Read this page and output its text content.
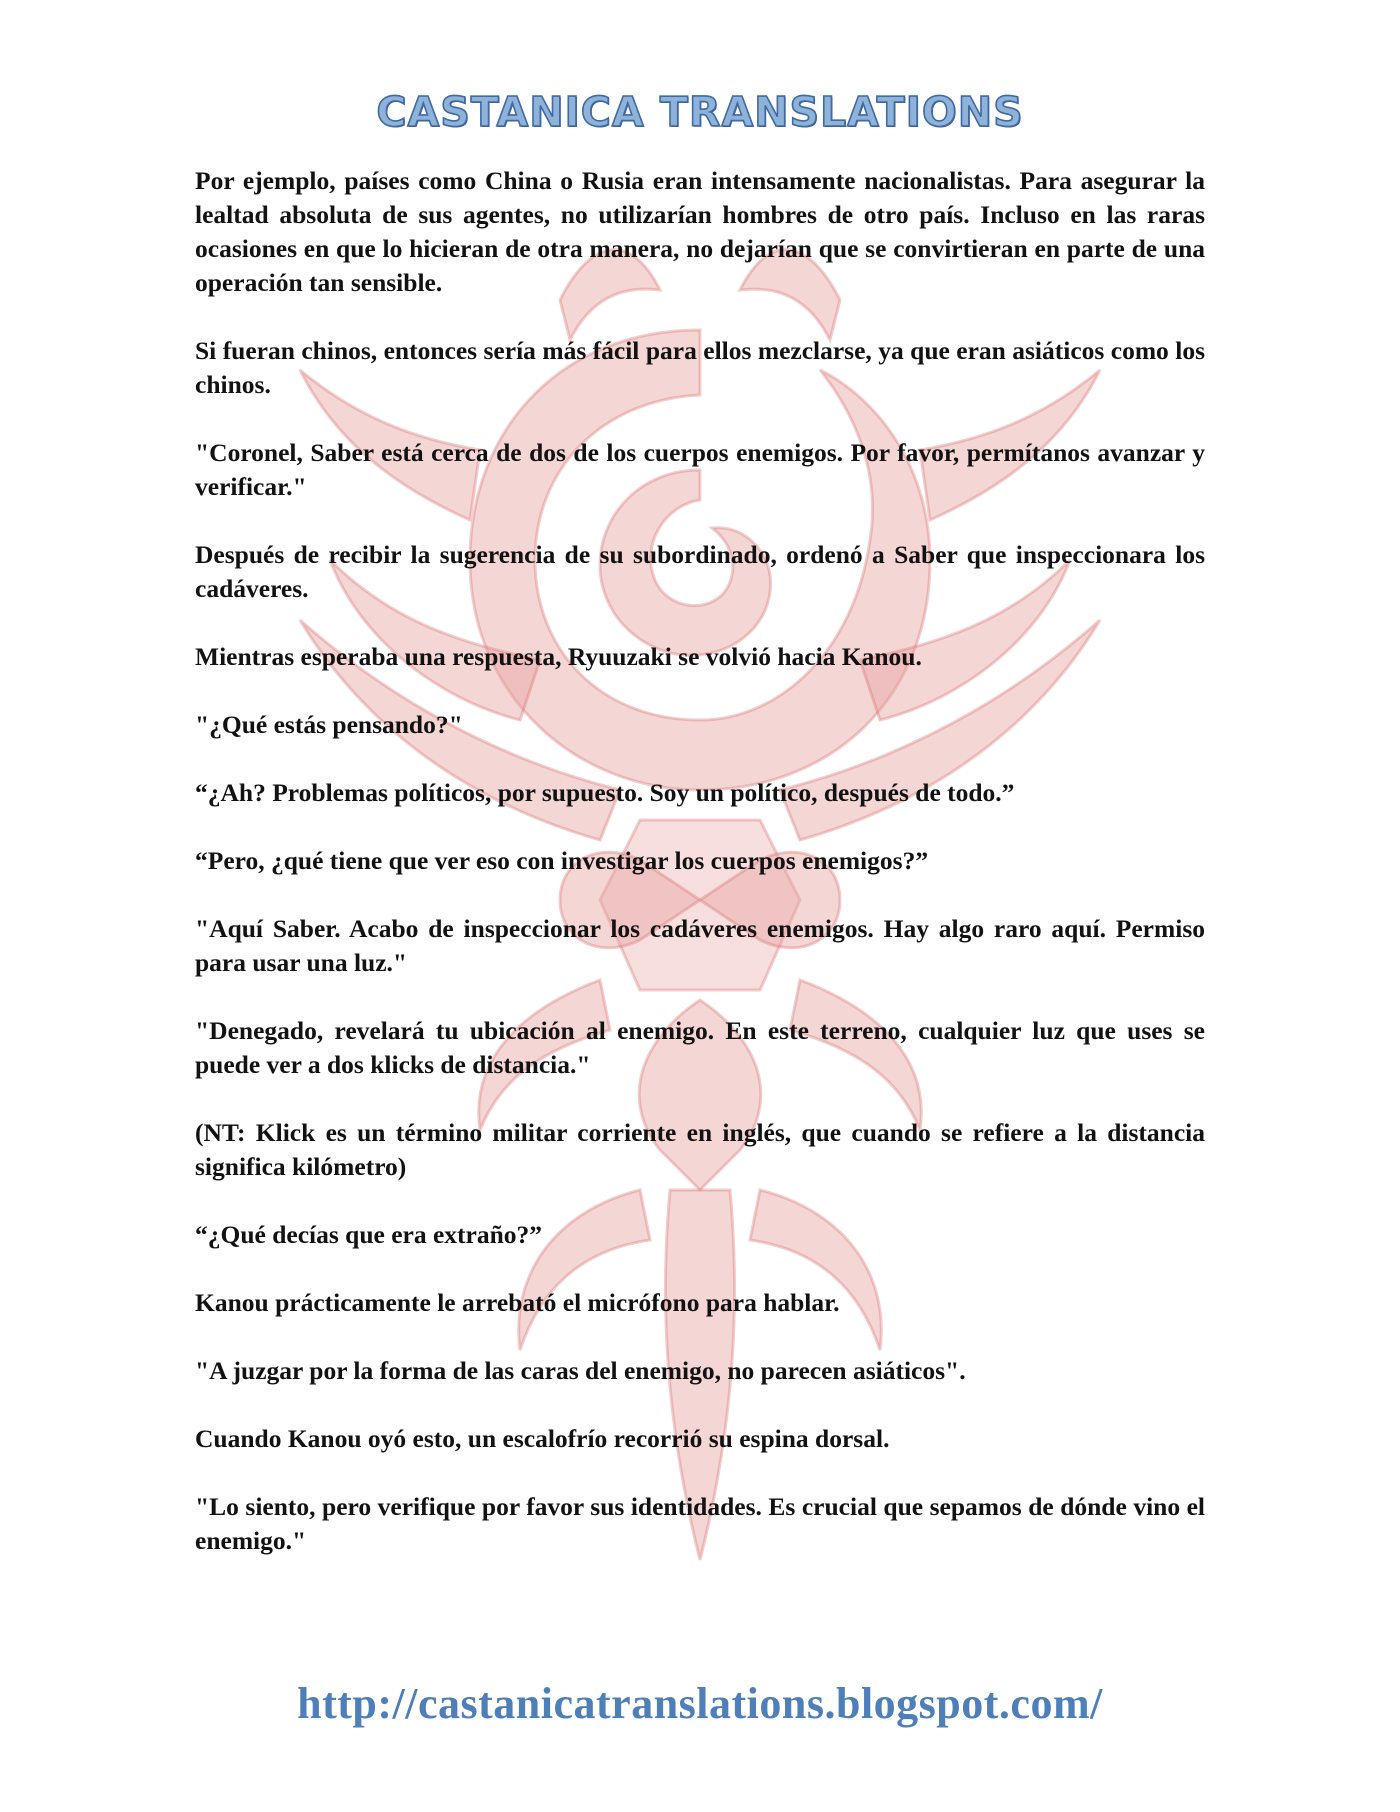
CASTANICA TRANSLATIONS

Por ejemplo, países como China o Rusia eran intensamente nacionalistas. Para asegurar la lealtad absoluta de sus agentes, no utilizarían hombres de otro país. Incluso en las raras ocasiones en que lo hicieran de otra manera, no dejarían que se convirtieran en parte de una operación tan sensible.

Si fueran chinos, entonces sería más fácil para ellos mezclarse, ya que eran asiáticos como los chinos.

"Coronel, Saber está cerca de dos de los cuerpos enemigos. Por favor, permítanos avanzar y verificar."

Después de recibir la sugerencia de su subordinado, ordenó a Saber que inspeccionara los cadáveres.

Mientras esperaba una respuesta, Ryuuzaki se volvió hacia Kanou.

"¿Qué estás pensando?"

“¿Ah? Problemas políticos, por supuesto. Soy un político, después de todo.”

“Pero, ¿qué tiene que ver eso con investigar los cuerpos enemigos?”

"Aquí Saber. Acabo de inspeccionar los cadáveres enemigos. Hay algo raro aquí. Permiso para usar una luz."

"Denegado, revelará tu ubicación al enemigo. En este terreno, cualquier luz que uses se puede ver a dos klicks de distancia."

(NT: Klick es un término militar corriente en inglés, que cuando se refiere a la distancia significa kilómetro)

“¿Qué decías que era extraño?”

Kanou prácticamente le arrebató el micrófono para hablar.

"A juzgar por la forma de las caras del enemigo, no parecen asiáticos".

Cuando Kanou oyó esto, un escalofrío recorrió su espina dorsal.

"Lo siento, pero verifique por favor sus identidades. Es crucial que sepamos de dónde vino el enemigo."

http://castanicatranslations.blogspot.com/
